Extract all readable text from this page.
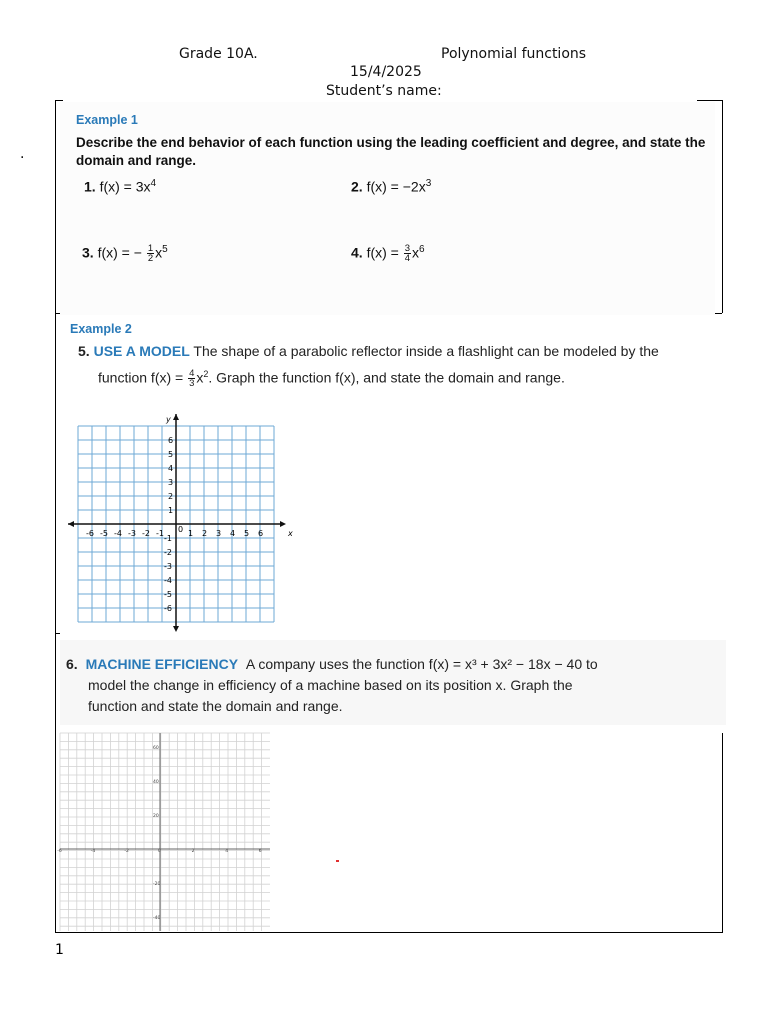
Grade 10A.	Polynomial functions
15/4/2025
Student’s name:
.
Example 1
Describe the end behavior of each function using the leading coefficient and degree, and state the domain and range.
1. $f(x) = 3x^4$	2. $f(x) = -2x^3$
3. f(x) = − $\frac{1}{2} x^5$	4. $f(x) = \frac{3}{4} x^6$
Example 2
5. USE A MODEL The shape of a parabolic reflector inside a flashlight can be modeled by the
function $f(x) = \frac{4}{3} x^2$. Graph the function f(x), and state the domain and range.
x
y
0
-6 -5 -4 -3 -2 -1	1 2 3 4 5 6
6
5
4
3
2
1
-1
-2
-3
-4
-5
-6
6. MACHINE EFFICIENCY A company uses the function f(x) = x³ + 3x² − 18x − 40 to
model the change in efficiency of a machine based on its position x. Graph the
function and state the domain and range.
60
40
20
-20
-40
-6	-4	-2	0	2	4	6
1
